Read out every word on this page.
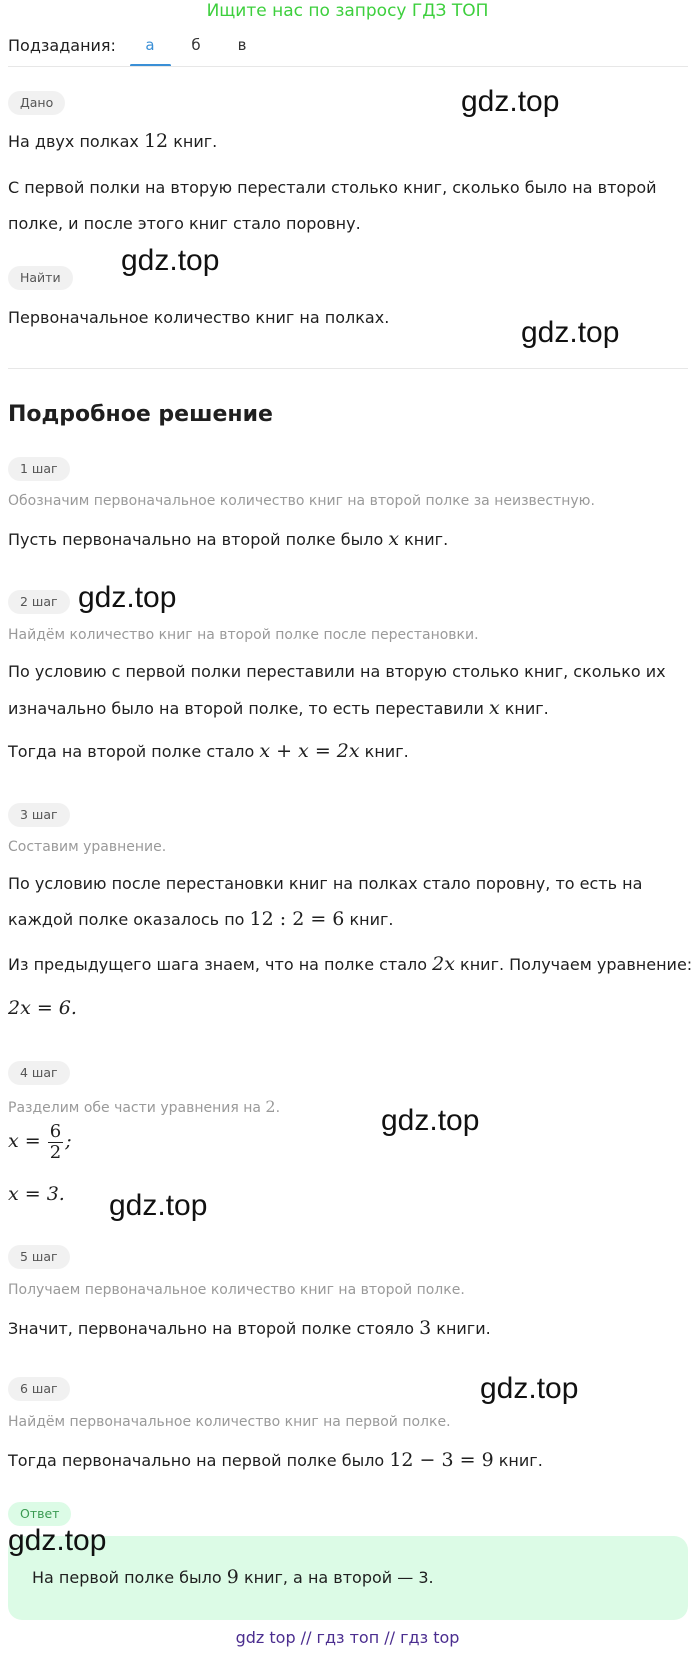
Ищите нас по запросу ГДЗ ТОП
Подзадания:	а	б	в
Дано
На двух полках 12 книг.
С первой полки на вторую перестали столько книг, сколько было на второй
полке, и после этого книг стало поровну.
Найти
Первоначальное количество книг на полках.
Подробное решение
1 шаг
Обозначим первоначальное количество книг на второй полке за неизвестную.
Пусть первоначально на второй полке было x книг.
2 шаг
Найдём количество книг на второй полке после перестановки.
По условию с первой полки переставили на вторую столько книг, сколько их
изначально было на второй полке, то есть переставили x книг.
Тогда на второй полке стало x + x = 2x книг.
3 шаг
Составим уравнение.
По условию после перестановки книг на полках стало поровну, то есть на
каждой полке оказалось по 12 : 2 = 6 книг.
Из предыдущего шага знаем, что на полке стало 2x книг. Получаем уравнение:
2x = 6.
4 шаг
Разделим обе части уравнения на 2.
$x = \frac{6}{2}$ ;
x = 3.
5 шаг
Получаем первоначальное количество книг на второй полке.
Значит, первоначально на второй полке стояло 3 книги.
6 шаг
Найдём первоначальное количество книг на первой полке.
Тогда первоначально на первой полке было 12 − 3 = 9 книг.
Ответ
На первой полке было 9 книг, а на второй — 3.
gdz.top
gdz.top
gdz.top
gdz.top
gdz.top
gdz.top
gdz.top
gdz.top
gdz top // гдз топ // гдз top
